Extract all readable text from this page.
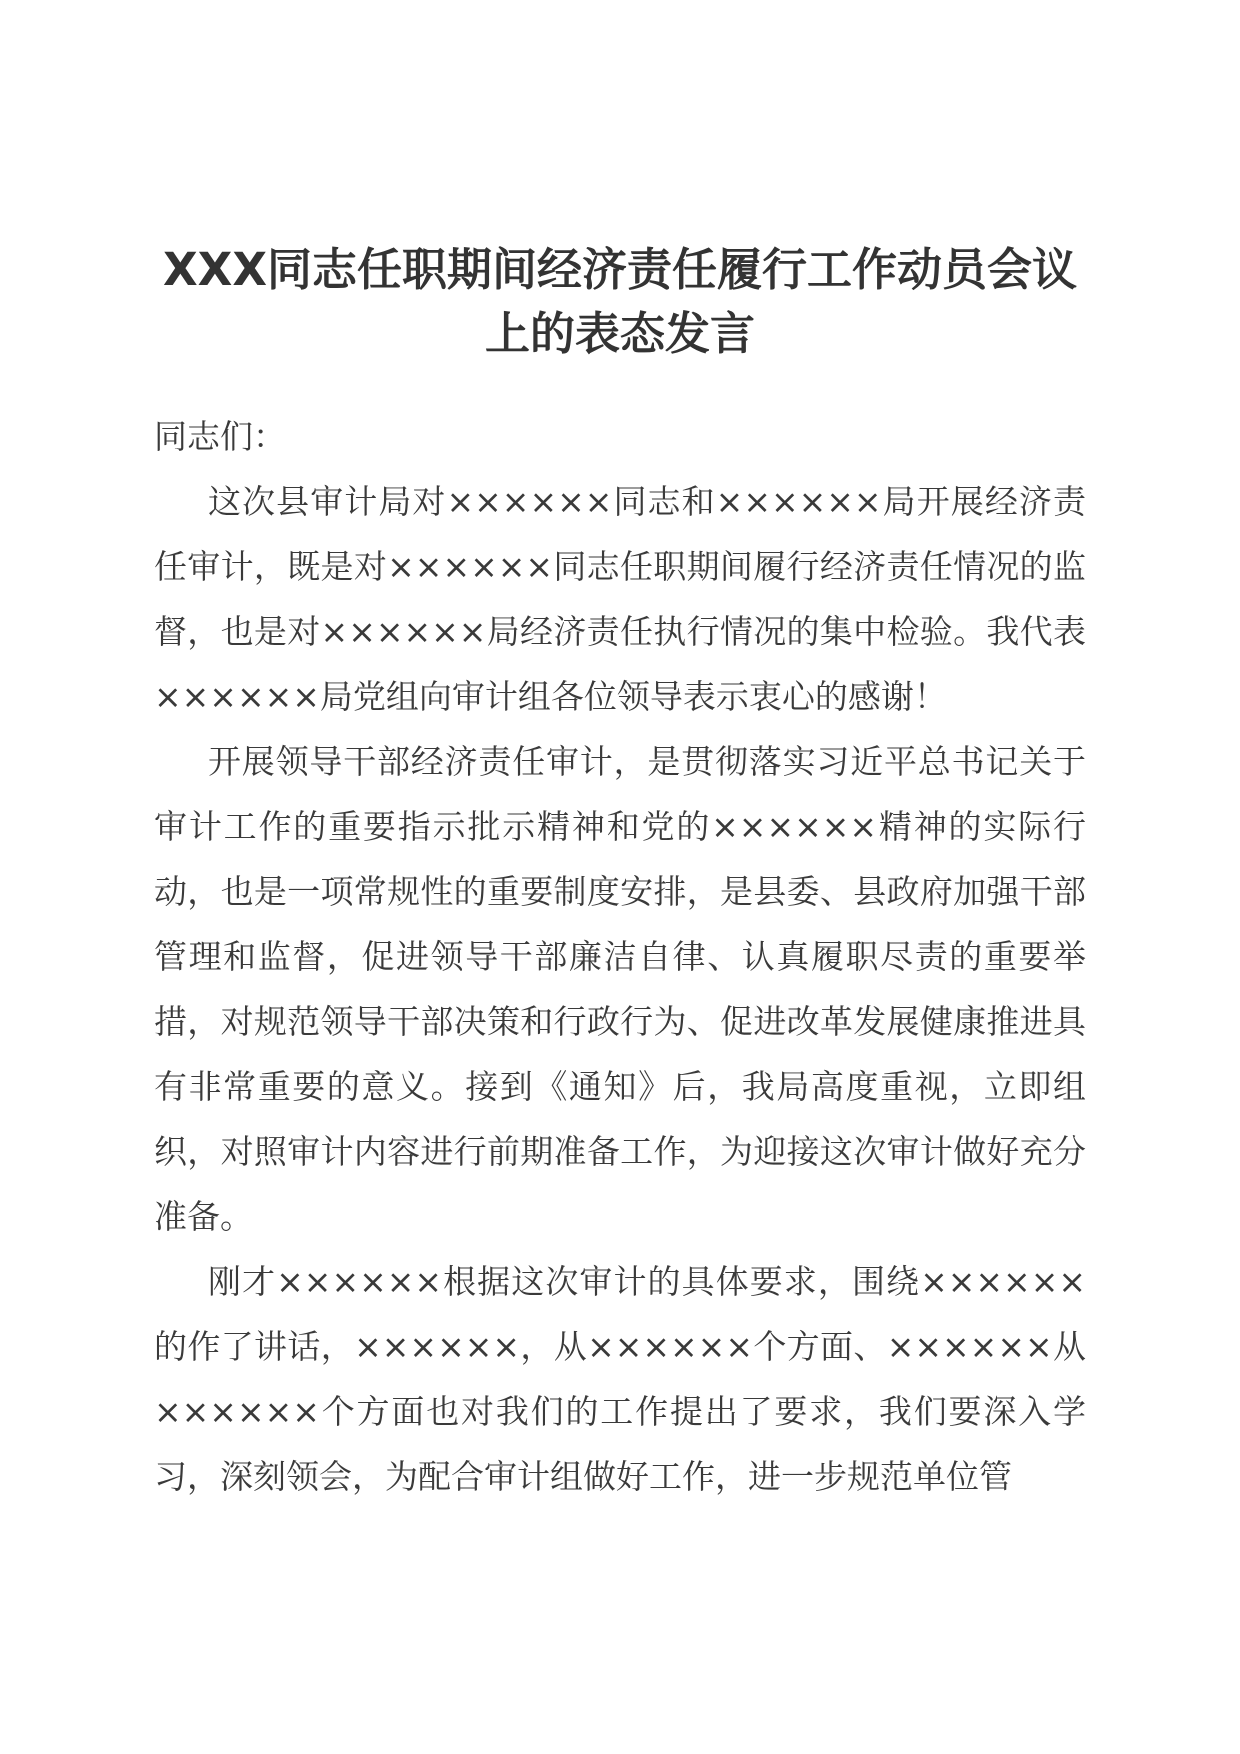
XXX同志任职期间经济责任履行工作动员会议上的表态发言

同志们：

这次县审计局对××××××同志和××××××局开展经济责任审计，既是对××××××同志任职期间履行经济责任情况的监督，也是对××××××局经济责任执行情况的集中检验。我代表××××××局党组向审计组各位领导表示衷心的感谢！

开展领导干部经济责任审计，是贯彻落实习近平总书记关于审计工作的重要指示批示精神和党的××××××精神的实际行动，也是一项常规性的重要制度安排，是县委、县政府加强干部管理和监督，促进领导干部廉洁自律、认真履职尽责的重要举措，对规范领导干部决策和行政行为、促进改革发展健康推进具有非常重要的意义。接到《通知》后，我局高度重视，立即组织，对照审计内容进行前期准备工作，为迎接这次审计做好充分准备。

刚才××××××根据这次审计的具体要求，围绕××××××的作了讲话，××××××，从××××××个方面、××××××从××××××个方面也对我们的工作提出了要求，我们要深入学习，深刻领会，为配合审计组做好工作，进一步规范单位管
